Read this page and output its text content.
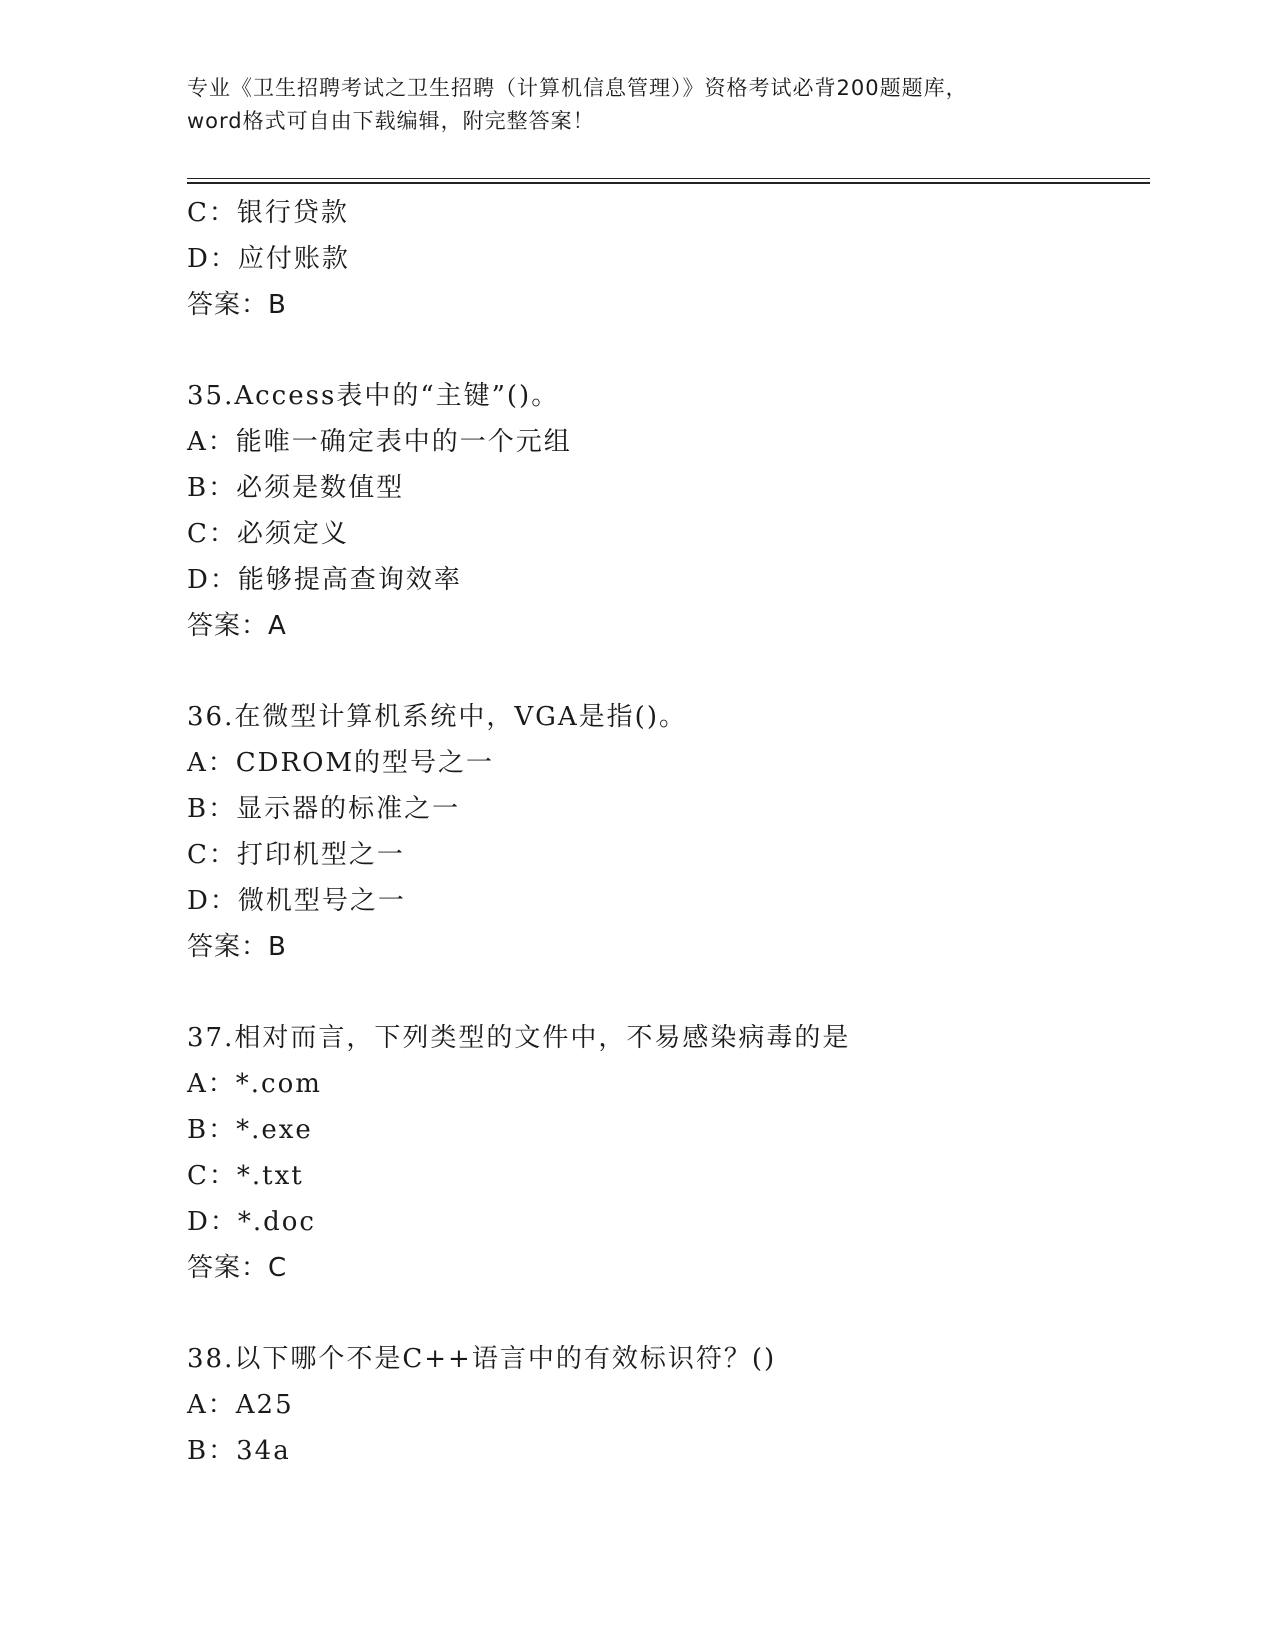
专业《卫生招聘考试之卫生招聘（计算机信息管理）》资格考试必背200题题库，
word格式可自由下载编辑，附完整答案！
C：银行贷款
D：应付账款
答案：B
35.Access表中的“主键”()。
A：能唯一确定表中的一个元组
B：必须是数值型
C：必须定义
D：能够提高查询效率
答案：A
36.在微型计算机系统中，VGA是指()。
A：CDROM的型号之一
B：显示器的标准之一
C：打印机型之一
D：微机型号之一
答案：B
37.相对而言，下列类型的文件中，不易感染病毒的是
A：*.com
B：*.exe
C：*.txt
D：*.doc
答案：C
38.以下哪个不是C++语言中的有效标识符？()
A：A25
B：34a
